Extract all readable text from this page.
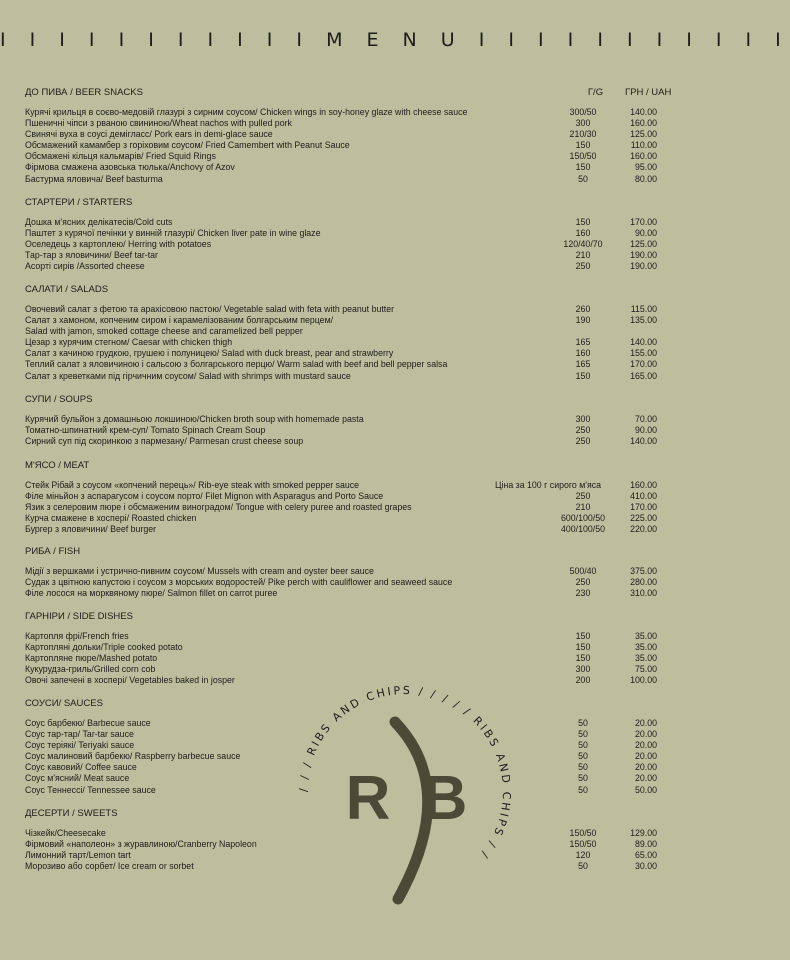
I I I I I I I I I I I M E N U I I I I I I I I I I I
ДО ПИВА / BEER SNACKS	Г/G	ГРН / UAH
Курячі крильця в соєво-медовій глазурі з сирним соусом/ Chicken wings in soy-honey glaze with cheese sauce	300/50	140.00
Пшеничні чіпси з рваною свининою/Wheat nachos with pulled pork	300	160.00
Свинячі вуха в соусі демігласс/ Pork ears in demi-glace sauce	210/30	125.00
Обсмажений камамбер з горіховим соусом/ Fried Camembert with Peanut Sauce	150	110.00
Обсмажені кільця кальмарів/ Fried Squid Rings	150/50	160.00
Фірмова смажена азовська тюлька/Anchovy of Azov	150	95.00
Бастурма яловича/ Beef basturma	50	80.00
СТАРТЕРИ / STARTERS
Дошка м'ясних делікатесів/Cold cuts	150	170.00
Паштет з курячої печінки у винній глазурі/ Chicken liver pate in wine glaze	160	90.00
Оселедець з картоплею/ Herring with potatoes	120/40/70	125.00
Тар-тар з яловичини/ Beef tar-tar	210	190.00
Асорті сирів /Assorted cheese	250	190.00
САЛАТИ / SALADS
Овочевий салат з фетою та арахісовою пастою/ Vegetable salad with feta with peanut butter	260	115.00
Салат з хамоном, копченим сиром і карамелізованим болгарським перцем/	190	135.00
Salad with jamon, smoked cottage cheese and caramelized bell pepper
Цезар з курячим стегном/ Caesar with chicken thigh	165	140.00
Салат з качиною грудкою, грушею і полуницею/ Salad with duck breast, pear and strawberry	160	155.00
Теплий салат з яловичиною і сальсою з болгарського перцю/ Warm salad with beef and bell pepper salsa	165	170.00
Салат з креветками під гірчичним соусом/ Salad with shrimps with mustard sauce	150	165.00
СУПИ / SOUPS
Курячий бульйон з домашньою локшиною/Chicken broth soup with homemade pasta	300	70.00
Томатно-шпинатний крем-суп/ Tomato Spinach Cream Soup	250	90.00
Сирний суп під скоринкою з пармезану/ Parmesan crust cheese soup	250	140.00
М'ЯСО / MEAT
Стейк Рібай з соусом «копчений перець»/ Rib-eye steak with smoked pepper sauce	Ціна за 100 г сирого м'яса	160.00
Філе міньйон з аспарагусом і соусом порто/ Filet Mignon with Asparagus and Porto Sauce	250	410.00
Язик з селеровим пюре і обсмаженим виноградом/ Tongue with celery puree and roasted grapes	210	170.00
Курча смажене в хоспері/ Roasted chicken	600/100/50	225.00
Бургер з яловичини/ Beef burger	400/100/50	220.00
РИБА / FISH
Мідії з вершками і устрично-пивним соусом/ Mussels with cream and oyster beer sauce	500/40	375.00
Судак з цвітною капустою і соусом з морських водоростей/ Pike perch with cauliflower and seaweed sauce	250	280.00
Філе лосося на морквяному пюре/ Salmon fillet on carrot puree	230	310.00
ГАРНІРИ / SIDE DISHES
Картопля фрі/French fries	150	35.00
Картопляні дольки/Triple cooked potato	150	35.00
Картопляне пюре/Mashed potato	150	35.00
Кукурудза-гриль/Grilled corn cob	300	75.00
Овочі запечені в хоспері/ Vegetables baked in josper	200	100.00
СОУСИ/ SAUCES
Соус барбекю/ Barbecue sauce	50	20.00
Соус тар-тар/ Tar-tar sauce	50	20.00
Соус теріякі/ Teriyaki sauce	50	20.00
Соус малиновий барбекю/ Raspberry barbecue sauce	50	20.00
Соус кавовий/ Coffee sauce	50	20.00
Соус м'ясний/ Meat sauce	50	20.00
Соус Теннессі/ Tennessee sauce	50	50.00
ДЕСЕРТИ / SWEETS
Чізкейк/Cheesecake	150/50	129.00
Фірмовий «наполеон» з журавлиною/Cranberry Napoleon	150/50	89.00
Лимонний тарт/Lemon tart	120	65.00
Морозиво або сорбет/ Ice cream or sorbet	50	30.00
/ / / RIBS AND CHIPS / / / / / RIBS AND CHIPS / /
R B
